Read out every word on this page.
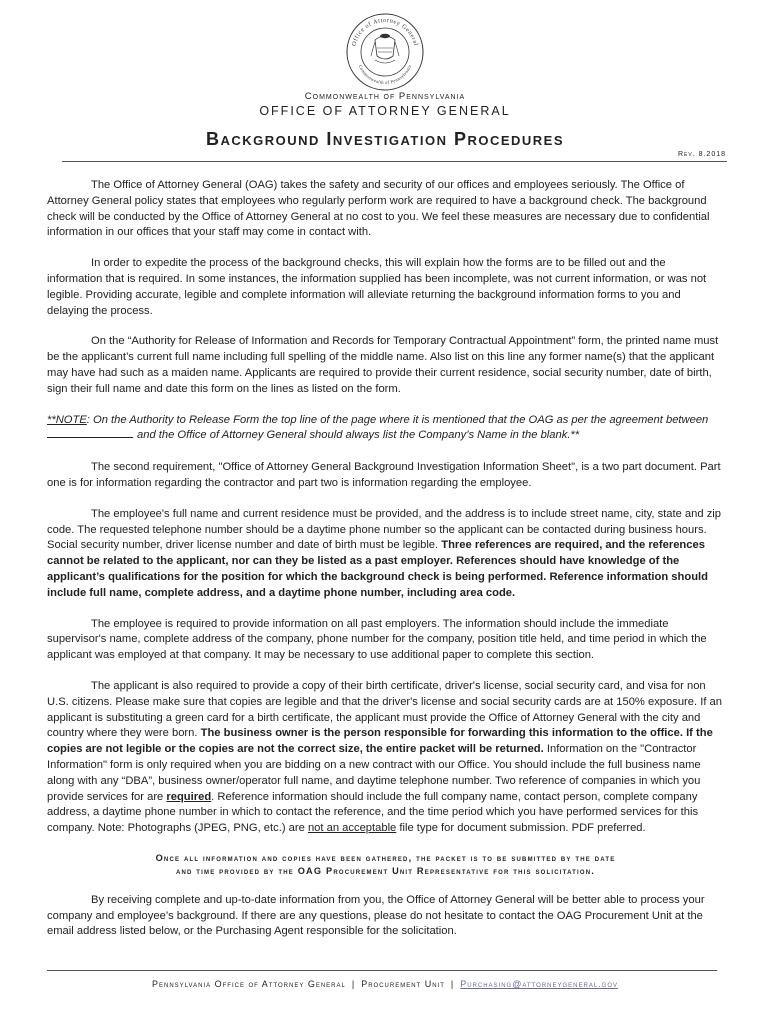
Office of Attorney General
Commonwealth of Pennsylvania
Commonwealth of Pennsylvania
OFFICE OF ATTORNEY GENERAL
Background Investigation Procedures
Rev. 8.2018

The Office of Attorney General (OAG) takes the safety and security of our offices and employees seriously. The Office of Attorney General policy states that employees who regularly perform work are required to have a background check. The background check will be conducted by the Office of Attorney General at no cost to you. We feel these measures are necessary due to confidential information in our offices that your staff may come in contact with.

In order to expedite the process of the background checks, this will explain how the forms are to be filled out and the information that is required. In some instances, the information supplied has been incomplete, was not current information, or was not legible. Providing accurate, legible and complete information will alleviate returning the background information forms to you and delaying the process.

On the “Authority for Release of Information and Records for Temporary Contractual Appointment” form, the printed name must be the applicant’s current full name including full spelling of the middle name. Also list on this line any former name(s) that the applicant may have had such as a maiden name. Applicants are required to provide their current residence, social security number, date of birth, sign their full name and date this form on the lines as listed on the form.

**NOTE: On the Authority to Release Form the top line of the page where it is mentioned that the OAG as per the agreement between
and the Office of Attorney General should always list the Company’s Name in the blank.**

The second requirement, "Office of Attorney General Background Investigation Information Sheet", is a two part document. Part one is for information regarding the contractor and part two is information regarding the employee.

The employee's full name and current residence must be provided, and the address is to include street name, city, state and zip code. The requested telephone number should be a daytime phone number so the applicant can be contacted during business hours. Social security number, driver license number and date of birth must be legible. Three references are required, and the references cannot be related to the applicant, nor can they be listed as a past employer. References should have knowledge of the applicant’s qualifications for the position for which the background check is being performed. Reference information should include full name, complete address, and a daytime phone number, including area code.

The employee is required to provide information on all past employers. The information should include the immediate supervisor's name, complete address of the company, phone number for the company, position title held, and time period in which the applicant was employed at that company. It may be necessary to use additional paper to complete this section.

The applicant is also required to provide a copy of their birth certificate, driver's license, social security card, and visa for non U.S. citizens. Please make sure that copies are legible and that the driver's license and social security cards are at 150% exposure. If an applicant is substituting a green card for a birth certificate, the applicant must provide the Office of Attorney General with the city and country where they were born. The business owner is the person responsible for forwarding this information to the office. If the copies are not legible or the copies are not the correct size, the entire packet will be returned. Information on the "Contractor Information" form is only required when you are bidding on a new contract with our Office. You should include the full business name along with any “DBA”, business owner/operator full name, and daytime telephone number. Two reference of companies in which you provide services for are required. Reference information should include the full company name, contact person, complete company address, a daytime phone number in which to contact the reference, and the time period which you have performed services for this company. Note: Photographs (JPEG, PNG, etc.) are not an acceptable file type for document submission. PDF preferred.

Once all information and copies have been gathered, the packet is to be submitted by the date
and time provided by the OAG Procurement Unit Representative for this solicitation.

By receiving complete and up-to-date information from you, the Office of Attorney General will be better able to process your company and employee’s background. If there are any questions, please do not hesitate to contact the OAG Procurement Unit at the email address listed below, or the Purchasing Agent responsible for the solicitation.

Pennsylvania Office of Attorney General | Procurement Unit | Purchasing@attorneygeneral.gov
